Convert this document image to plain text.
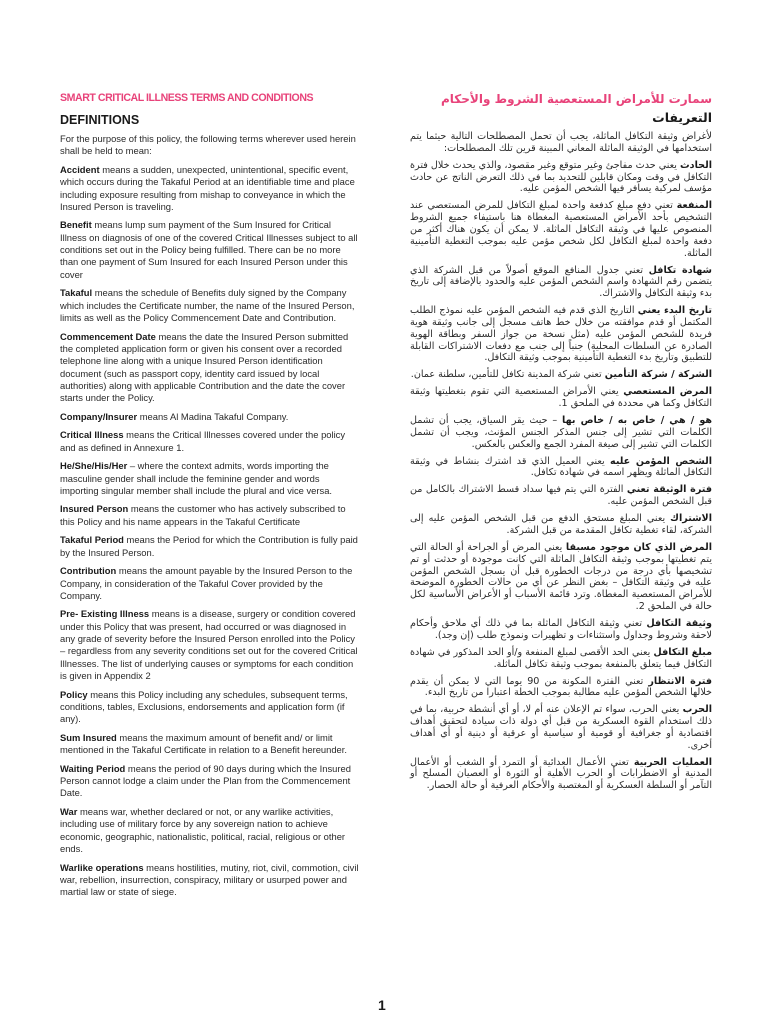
SMART CRITICAL ILLNESS TERMS AND CONDITIONS
DEFINITIONS

For the purpose of this policy, the following terms wherever used herein shall be held to mean:

Accident means a sudden, unexpected, unintentional, specific event, which occurs during the Takaful Period at an identifiable time and place including exposure resulting from mishap to conveyance in which the Insured Person is traveling.

Benefit means lump sum payment of the Sum Insured for Critical Illness on diagnosis of one of the covered Critical Illnesses subject to all conditions set out in the Policy being fulfilled. There can be no more than one payment of Sum Insured for each Insured Person under this cover

Takaful means the schedule of Benefits duly signed by the Company which includes the Certificate number, the name of the Insured Person, limits as well as the Policy Commencement Date and Contribution.

Commencement Date means the date the Insured Person submitted the completed application form or given his consent over a recorded telephone line along with a unique Insured Person identification document (such as passport copy, identity card issued by local authorities) along with applicable Contribution and the date the cover starts under the Policy.

Company/Insurer means Al Madina Takaful Company.

Critical Illness means the Critical Illnesses covered under the policy and as defined in Annexure 1.

He/She/His/Her – where the context admits, words importing the masculine gender shall include the feminine gender and words importing singular member shall include the plural and vice versa.

Insured Person means the customer who has actively subscribed to this Policy and his name appears in the Takaful Certificate

Takaful Period means the Period for which the Contribution is fully paid by the Insured Person.

Contribution means the amount payable by the Insured Person to the Company, in consideration of the Takaful Cover provided by the Company.

Pre- Existing Illness means is a disease, surgery or condition covered under this Policy that was present, had occurred or was diagnosed in any grade of severity before the Insured Person enrolled into the Policy – regardless from any severity conditions set out for the covered Critical Illnesses. The list of underlying causes or symptoms for each condition is given in Appendix 2

Policy means this Policy including any schedules, subsequent terms, conditions, tables, Exclusions, endorsements and application form (if any).

Sum Insured means the maximum amount of benefit and/ or limit mentioned in the Takaful Certificate in relation to a Benefit hereunder.

Waiting Period means the period of 90 days during which the Insured Person cannot lodge a claim under the Plan from the Commencement Date.

War means war, whether declared or not, or any warlike activities, including use of military force by any sovereign nation to achieve economic, geographic, nationalistic, political, racial, religious or other ends.

Warlike operations means hostilities, mutiny, riot, civil, commotion, civil war, rebellion, insurrection, conspiracy, military or usurped power and martial law or state of siege.

سمارت للأمراض المستعصية الشروط والأحكام
التعريفات

لأغراض وثيقة التكافل الماثلة، يجب أن تحمل المصطلحات التالية حيثما يتم استخدامها في الوثيقة الماثلة المعاني المبينة قرين تلك المصطلحات:

الحادث يعني حدث مفاجئ وغير متوقع وغير مقصود، والذي يحدث خلال فترة التكافل في وقت ومكان قابلين للتحديد بما في ذلك التعرض الناتج عن حادث مؤسف لمركبة يسافر فيها الشخص المؤمن عليه.

المنفعة تعني دفع مبلغ كدفعة واحدة لمبلغ التكافل للمرض المستعصي عند التشخيص بأحد الأمراض المستعصية المغطاة هنا باستيفاء جميع الشروط المنصوص عليها في وثيقة التكافل الماثلة. لا يمكن أن يكون هناك أكثر من دفعة واحدة لمبلغ التكافل لكل شخص مؤمن عليه بموجب التغطية التأمينية الماثلة.

شهادة تكافل تعني جدول المنافع الموقع أصولاً من قبل الشركة الذي يتضمن رقم الشهادة واسم الشخص المؤمن عليه والحدود بالإضافة إلى تاريخ بدء وثيقة التكافل والاشتراك.

تاريخ البدء يعني التاريخ الذي قدم فيه الشخص المؤمن عليه نموذج الطلب المكتمل أو قدم موافقته من خلال خط هاتف مسجل إلى جانب وثيقة هوية فريدة للشخص المؤمن عليه (مثل نسخة من جواز السفر وبطاقة الهوية الصادرة عن السلطات المحلية) جنباً إلى جنب مع دفعات الاشتراكات القابلة للتطبيق وتاريخ بدء التغطية التأمينية بموجب وثيقة التكافل.

الشركة / شركة التأمين تعني شركة المدينة تكافل للتأمين، سلطنة عمان.

المرض المستعصي يعني الأمراض المستعصية التي تقوم بتغطيتها وثيقة التكافل وكما هي محددة في الملحق 1.

هو / هي / خاص به / خاص بها – حيث يقر السياق، يجب أن تشمل الكلمات التي تشير إلى جنس المذكر الجنس المؤنث، ويجب أن تشمل الكلمات التي تشير إلى صيغة المفرد الجمع والعكس بالعكس.

الشخص المؤمن عليه يعني العميل الذي قد اشترك بنشاط في وثيقة التكافل الماثلة ويظهر اسمه في شهادة تكافل.

فترة الوثيقة تعني الفترة التي يتم فيها سداد قسط الاشتراك بالكامل من قبل الشخص المؤمن عليه.

الاشتراك يعني المبلغ مستحق الدفع من قبل الشخص المؤمن عليه إلى الشركة، لقاء تغطية تكافل المقدمة من قبل الشركة.

المرض الذي كان موجود مسبقا يعني المرض أو الجراحة أو الحالة التي يتم تغطيتها بموجب وثيقة التكافل الماثلة التي كانت موجودة أو حدثت أو تم تشخيصها بأي درجة من درجات الخطورة قبل أن يسجل الشخص المؤمن عليه في وثيقة التكافل – بغض النظر عن أي من حالات الخطورة الموضحة للأمراض المستعصية المغطاة. وترد قائمة الأسباب أو الأعراض الأساسية لكل حالة في الملحق 2.

وثيقة التكافل تعني وثيقة التكافل الماثلة بما في ذلك أي ملاحق وأحكام لاحقة وشروط وجداول واستثناءات و تظهيرات ونموذج طلب (إن وجد).

مبلغ التكافل يعني الحد الأقصى لمبلغ المنفعة و/أو الحد المذكور في شهادة التكافل فيما يتعلق بالمنفعة بموجب وثيقة تكافل الماثلة.

فترة الانتظار تعني الفترة المكونة من 90 يوما التي لا يمكن أن يقدم خلالها الشخص المؤمن عليه مطالبة بموجب الخطة اعتبارا من تاريخ البدء.

الحرب يعني الحرب، سواء تم الإعلان عنه أم لا، أو أي أنشطة حربية، بما في ذلك استخدام القوة العسكرية من قبل أي دولة ذات سيادة لتحقيق أهداف اقتصادية أو جغرافية أو قومية أو سياسية أو عرقية أو دينية أو أي أهداف أخرى.

العمليات الحربية تعني الأعمال العدائية أو التمرد أو الشغب أو الأعمال المدنية أو الاضطرابات أو الحرب الأهلية أو الثورة أو العصيان المسلح أو التآمر أو السلطة العسكرية أو المغتصبة والأحكام العرفية أو حالة الحصار.

1
